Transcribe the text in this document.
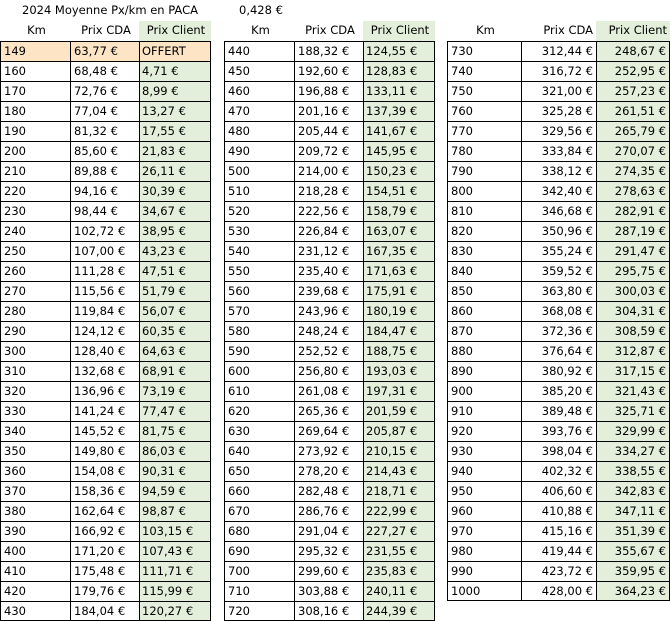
2024 Moyenne Px/km en PACA	0,428 €
Km	Prix CDA	Prix Client
149	63,77 €	OFFERT
160	68,48 €	4,71 €
170	72,76 €	8,99 €
180	77,04 €	13,27 €
190	81,32 €	17,55 €
200	85,60 €	21,83 €
210	89,88 €	26,11 €
220	94,16 €	30,39 €
230	98,44 €	34,67 €
240	102,72 €	38,95 €
250	107,00 €	43,23 €
260	111,28 €	47,51 €
270	115,56 €	51,79 €
280	119,84 €	56,07 €
290	124,12 €	60,35 €
300	128,40 €	64,63 €
310	132,68 €	68,91 €
320	136,96 €	73,19 €
330	141,24 €	77,47 €
340	145,52 €	81,75 €
350	149,80 €	86,03 €
360	154,08 €	90,31 €
370	158,36 €	94,59 €
380	162,64 €	98,87 €
390	166,92 €	103,15 €
400	171,20 €	107,43 €
410	175,48 €	111,71 €
420	179,76 €	115,99 €
430	184,04 €	120,27 €
Km	Prix CDA	Prix Client
440	188,32 €	124,55 €
450	192,60 €	128,83 €
460	196,88 €	133,11 €
470	201,16 €	137,39 €
480	205,44 €	141,67 €
490	209,72 €	145,95 €
500	214,00 €	150,23 €
510	218,28 €	154,51 €
520	222,56 €	158,79 €
530	226,84 €	163,07 €
540	231,12 €	167,35 €
550	235,40 €	171,63 €
560	239,68 €	175,91 €
570	243,96 €	180,19 €
580	248,24 €	184,47 €
590	252,52 €	188,75 €
600	256,80 €	193,03 €
610	261,08 €	197,31 €
620	265,36 €	201,59 €
630	269,64 €	205,87 €
640	273,92 €	210,15 €
650	278,20 €	214,43 €
660	282,48 €	218,71 €
670	286,76 €	222,99 €
680	291,04 €	227,27 €
690	295,32 €	231,55 €
700	299,60 €	235,83 €
710	303,88 €	240,11 €
720	308,16 €	244,39 €
Km	Prix CDA	Prix Client
730	312,44 €	248,67 €
740	316,72 €	252,95 €
750	321,00 €	257,23 €
760	325,28 €	261,51 €
770	329,56 €	265,79 €
780	333,84 €	270,07 €
790	338,12 €	274,35 €
800	342,40 €	278,63 €
810	346,68 €	282,91 €
820	350,96 €	287,19 €
830	355,24 €	291,47 €
840	359,52 €	295,75 €
850	363,80 €	300,03 €
860	368,08 €	304,31 €
870	372,36 €	308,59 €
880	376,64 €	312,87 €
890	380,92 €	317,15 €
900	385,20 €	321,43 €
910	389,48 €	325,71 €
920	393,76 €	329,99 €
930	398,04 €	334,27 €
940	402,32 €	338,55 €
950	406,60 €	342,83 €
960	410,88 €	347,11 €
970	415,16 €	351,39 €
980	419,44 €	355,67 €
990	423,72 €	359,95 €
1000	428,00 €	364,23 €
